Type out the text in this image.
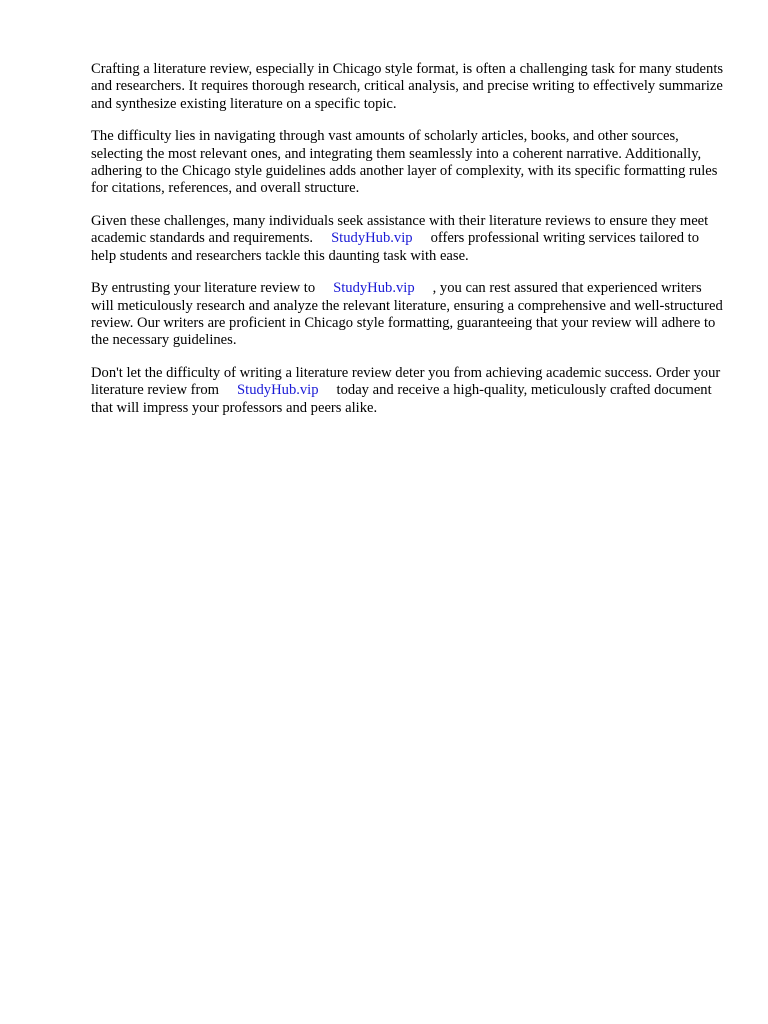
Crafting a literature review, especially in Chicago style format, is often a challenging task for many students and researchers. It requires thorough research, critical analysis, and precise writing to effectively summarize and synthesize existing literature on a specific topic.

The difficulty lies in navigating through vast amounts of scholarly articles, books, and other sources, selecting the most relevant ones, and integrating them seamlessly into a coherent narrative. Additionally, adhering to the Chicago style guidelines adds another layer of complexity, with its specific formatting rules for citations, references, and overall structure.

Given these challenges, many individuals seek assistance with their literature reviews to ensure they meet academic standards and requirements. StudyHub.vip offers professional writing services tailored to help students and researchers tackle this daunting task with ease.

By entrusting your literature review to StudyHub.vip , you can rest assured that experienced writers will meticulously research and analyze the relevant literature, ensuring a comprehensive and well-structured review. Our writers are proficient in Chicago style formatting, guaranteeing that your review will adhere to the necessary guidelines.

Don't let the difficulty of writing a literature review deter you from achieving academic success. Order your literature review from StudyHub.vip today and receive a high-quality, meticulously crafted document that will impress your professors and peers alike.
